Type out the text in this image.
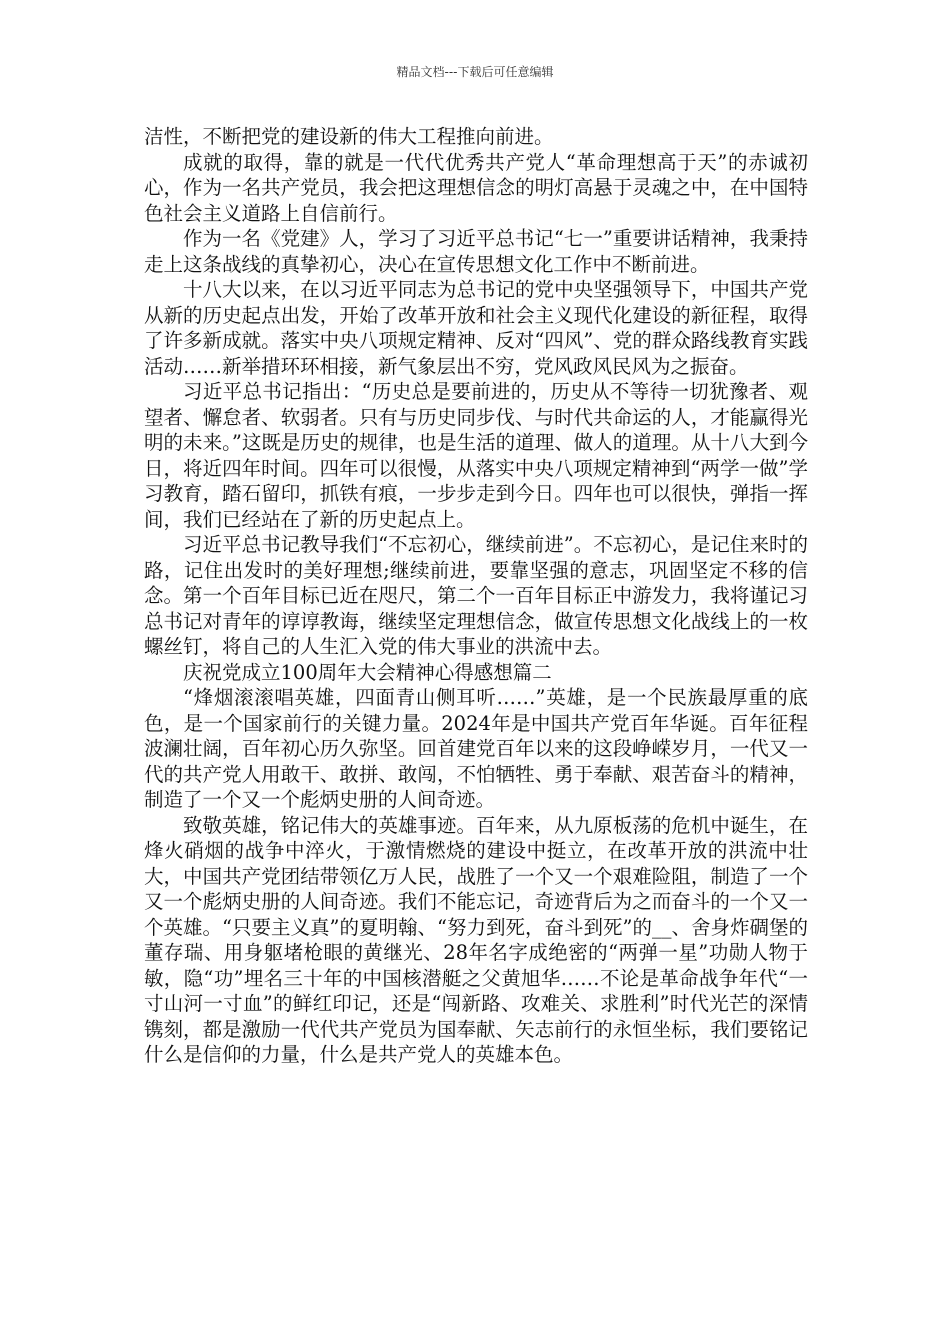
精品文档---下载后可任意编辑

洁性，不断把党的建设新的伟大工程推向前进。

成就的取得，靠的就是一代代优秀共产党人“革命理想高于天”的赤诚初心，作为一名共产党员，我会把这理想信念的明灯高悬于灵魂之中，在中国特色社会主义道路上自信前行。

作为一名《党建》人，学习了习近平总书记“七一”重要讲话精神，我秉持走上这条战线的真挚初心，决心在宣传思想文化工作中不断前进。

十八大以来，在以习近平同志为总书记的党中央坚强领导下，中国共产党从新的历史起点出发，开始了改革开放和社会主义现代化建设的新征程，取得了许多新成就。落实中央八项规定精神、反对“四风”、党的群众路线教育实践活动……新举措环环相接，新气象层出不穷，党风政风民风为之振奋。

习近平总书记指出：“历史总是要前进的，历史从不等待一切犹豫者、观望者、懈怠者、软弱者。只有与历史同步伐、与时代共命运的人，才能赢得光明的未来。”这既是历史的规律，也是生活的道理、做人的道理。从十八大到今日，将近四年时间。四年可以很慢，从落实中央八项规定精神到“两学一做”学习教育，踏石留印，抓铁有痕，一步步走到今日。四年也可以很快，弹指一挥间，我们已经站在了新的历史起点上。

习近平总书记教导我们“不忘初心，继续前进”。不忘初心，是记住来时的路，记住出发时的美好理想;继续前进，要靠坚强的意志，巩固坚定不移的信念。第一个百年目标已近在咫尺，第二个一百年目标正中游发力，我将谨记习总书记对青年的谆谆教诲，继续坚定理想信念，做宣传思想文化战线上的一枚螺丝钉，将自己的人生汇入党的伟大事业的洪流中去。

庆祝党成立100周年大会精神心得感想篇二

“烽烟滚滚唱英雄，四面青山侧耳听……”英雄，是一个民族最厚重的底色，是一个国家前行的关键力量。2024年是中国共产党百年华诞。百年征程波澜壮阔，百年初心历久弥坚。回首建党百年以来的这段峥嵘岁月，一代又一代的共产党人用敢干、敢拼、敢闯，不怕牺牲、勇于奉献、艰苦奋斗的精神，制造了一个又一个彪炳史册的人间奇迹。

致敬英雄，铭记伟大的英雄事迹。百年来，从九原板荡的危机中诞生，在烽火硝烟的战争中淬火，于激情燃烧的建设中挺立，在改革开放的洪流中壮大，中国共产党团结带领亿万人民，战胜了一个又一个艰难险阻，制造了一个又一个彪炳史册的人间奇迹。我们不能忘记，奇迹背后为之而奋斗的一个又一个英雄。“只要主义真”的夏明翰、“努力到死，奋斗到死”的__、舍身炸碉堡的董存瑞、用身躯堵枪眼的黄继光、28年名字成绝密的“两弹一星”功勋人物于敏，隐“功”埋名三十年的中国核潜艇之父黄旭华……不论是革命战争年代“一寸山河一寸血”的鲜红印记，还是“闯新路、攻难关、求胜利”时代光芒的深情镌刻，都是激励一代代共产党员为国奉献、矢志前行的永恒坐标，我们要铭记什么是信仰的力量，什么是共产党人的英雄本色。
